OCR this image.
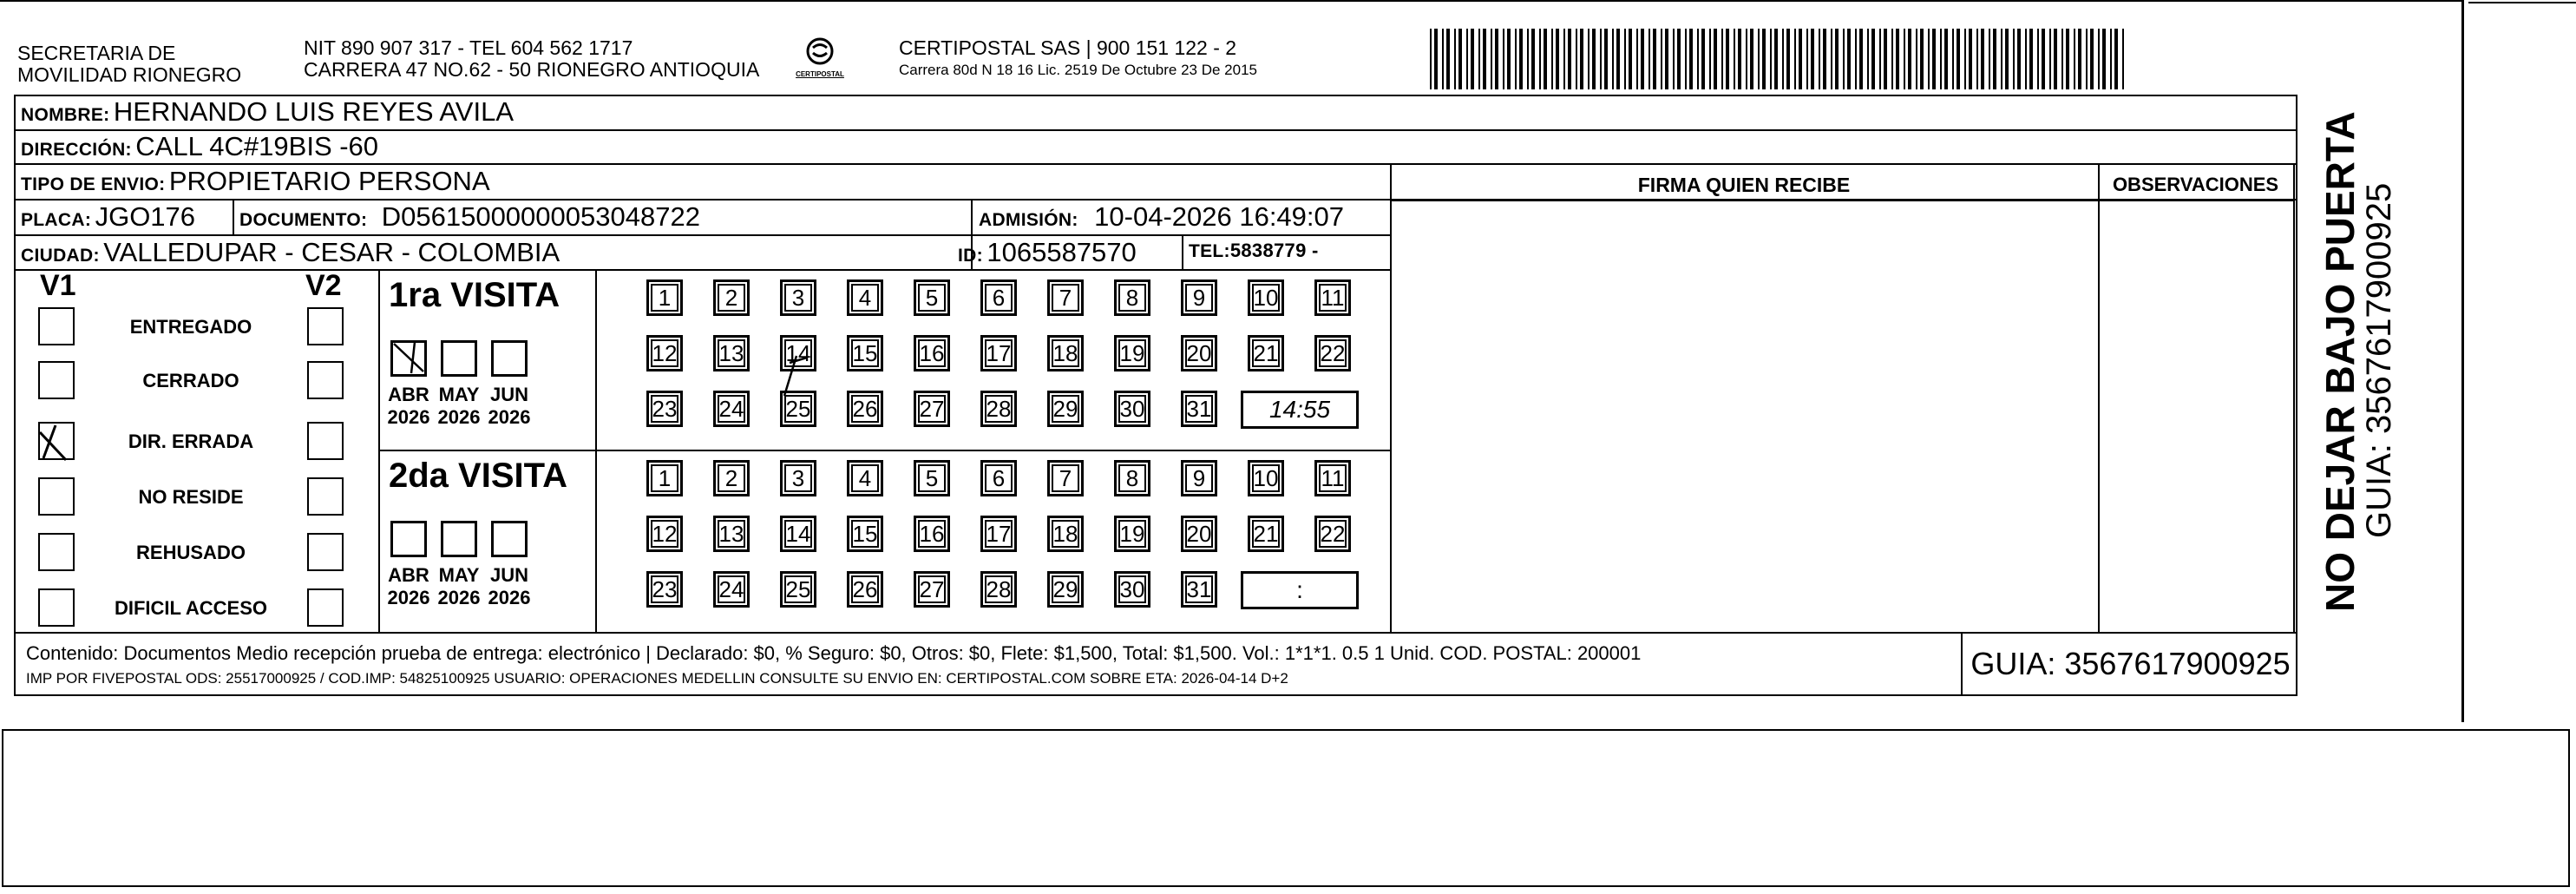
SECRETARIA DE
MOVILIDAD RIONEGRO
NIT 890 907 317 - TEL 604 562 1717
CARRERA 47 NO.62 - 50 RIONEGRO ANTIOQUIA	CERTIPOSTAL
CERTIPOSTAL SAS | 900 151 122 - 2
Carrera 80d N 18 16 Lic. 2519 De Octubre 23 De 2015
NOMBRE: HERNANDO LUIS REYES AVILA
DIRECCIÓN: CALL 4C#19BIS -60
TIPO DE ENVIO: PROPIETARIO PERSONA
PLACA: JGO176 DOCUMENTO: D05615000000053048722	ADMISIÓN: 10-04-2026 16:49:07
CIUDAD: VALLEDUPAR - CESAR - COLOMBIA	ID: 1065587570	TEL:5838779 -
FIRMA QUIEN RECIBE	OBSERVACIONES
V1	V2
ENTREGADO
CERRADO
DIR. ERRADA
NO RESIDE
REHUSADO
DIFICIL ACCESO
1ra VISITA
2da VISITA
ABR
2026
MAY
2026
JUN
2026
1	2	3	4	5	6	7	8	9	10 11
12 13 14 15 16 17 18 19 20 21 22
23 24 25 26 27 28 29 30 31	14:55
ABR
2026
MAY
2026
JUN
2026
1	2	3	4	5	6	7	8	9	10 11
12 13 14 15 16 17 18 19 20 21 22
23 24 25 26 27 28 29 30 31	:
Contenido: Documentos Medio recepción prueba de entrega: electrónico | Declarado: $0, % Seguro: $0, Otros: $0, Flete: $1,500, Total: $1,500. Vol.: 1*1*1. 0.5 1 Unid. COD. POSTAL: 200001
IMP POR FIVEPOSTAL ODS: 25517000925 / COD.IMP: 54825100925 USUARIO: OPERACIONES MEDELLIN CONSULTE SU ENVIO EN: CERTIPOSTAL.COM SOBRE ETA: 2026-04-14 D+2	GUIA: 3567617900925
NO DEJAR BAJO PUERTA
GUIA: 3567617900925
